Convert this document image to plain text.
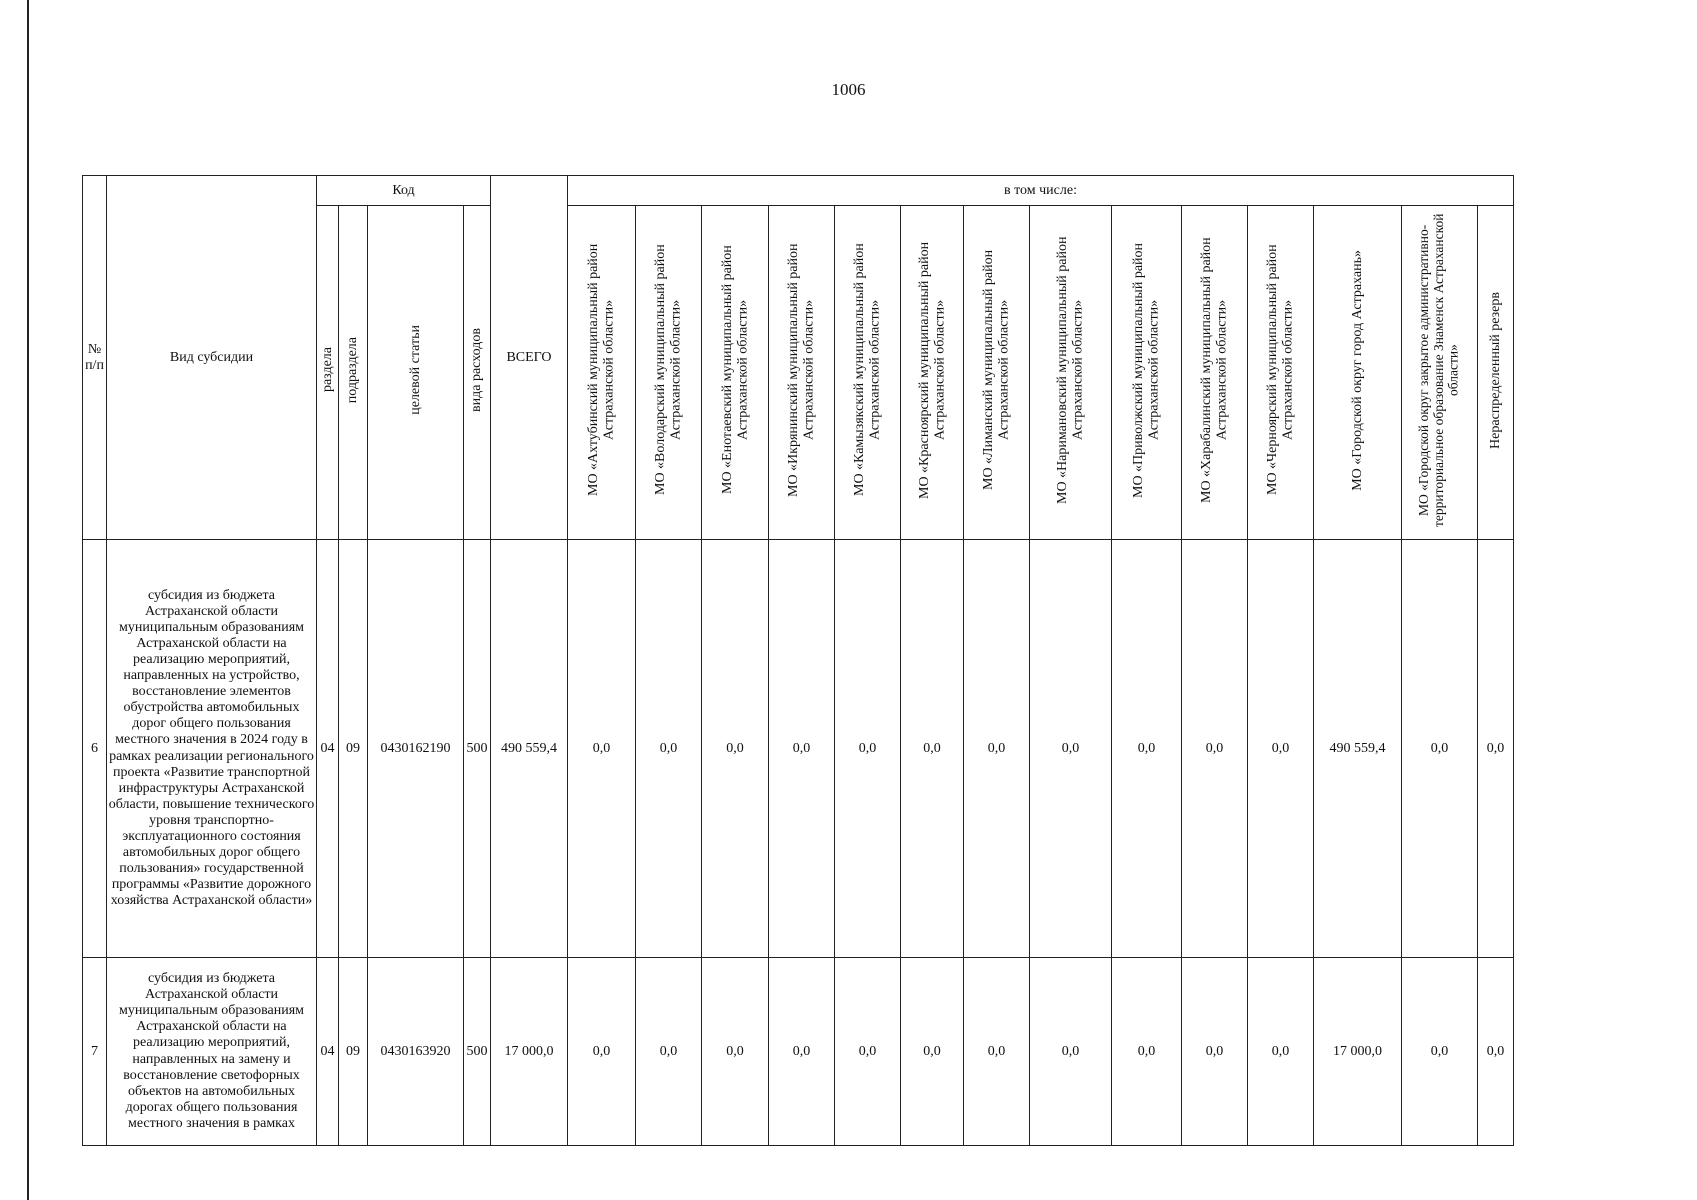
1006
№ п/п	Вид субсидии	Код				ВСЕГО	в том числе:													
		раздела	подраздела	целевой статьи	вида расходов		МО «Ахтубинский муниципальный район Астраханской области»	МО «Володарский муниципальный район Астраханской области»	МО «Енотаевский муниципальный район Астраханской области»	МО «Икрянинский муниципальный район Астраханской области»	МО «Камызякский муниципальный район Астраханской области»	МО «Красноярский муниципальный район Астраханской области»	МО «Лиманский муниципальный район Астраханской области»	МО «Наримановский муниципальный район Астраханской области»	МО «Приволжский муниципальный район Астраханской области»	МО «Харабалинский муниципальный район Астраханской области»	МО «Черноярский муниципальный район Астраханской области»	МО «Городской округ город Астрахань»	МО «Городской округ закрытое административно-территориальное образование Знаменск Астраханской области»	Нераспределенный резерв
6	субсидия из бюджета Астраханской области муниципальным образованиям Астраханской области на реализацию мероприятий, направленных на устройство, восстановление элементов обустройства автомобильных дорог общего пользования местного значения в 2024 году в рамках реализации регионального проекта «Развитие транспортной инфраструктуры Астраханской области, повышение технического уровня транспортно-эксплуатационного состояния автомобильных дорог общего пользования» государственной программы «Развитие дорожного хозяйства Астраханской области»	04	09	0430162190	500	490 559,4	0,0	0,0	0,0	0,0	0,0	0,0	0,0	0,0	0,0	0,0	0,0	490 559,4	0,0	0,0
7	субсидия из бюджета Астраханской области муниципальным образованиям Астраханской области на реализацию мероприятий, направленных на замену и восстановление светофорных объектов на автомобильных дорогах общего пользования местного значения в рамках	04	09	0430163920	500	17 000,0	0,0	0,0	0,0	0,0	0,0	0,0	0,0	0,0	0,0	0,0	0,0	17 000,0	0,0	0,0
